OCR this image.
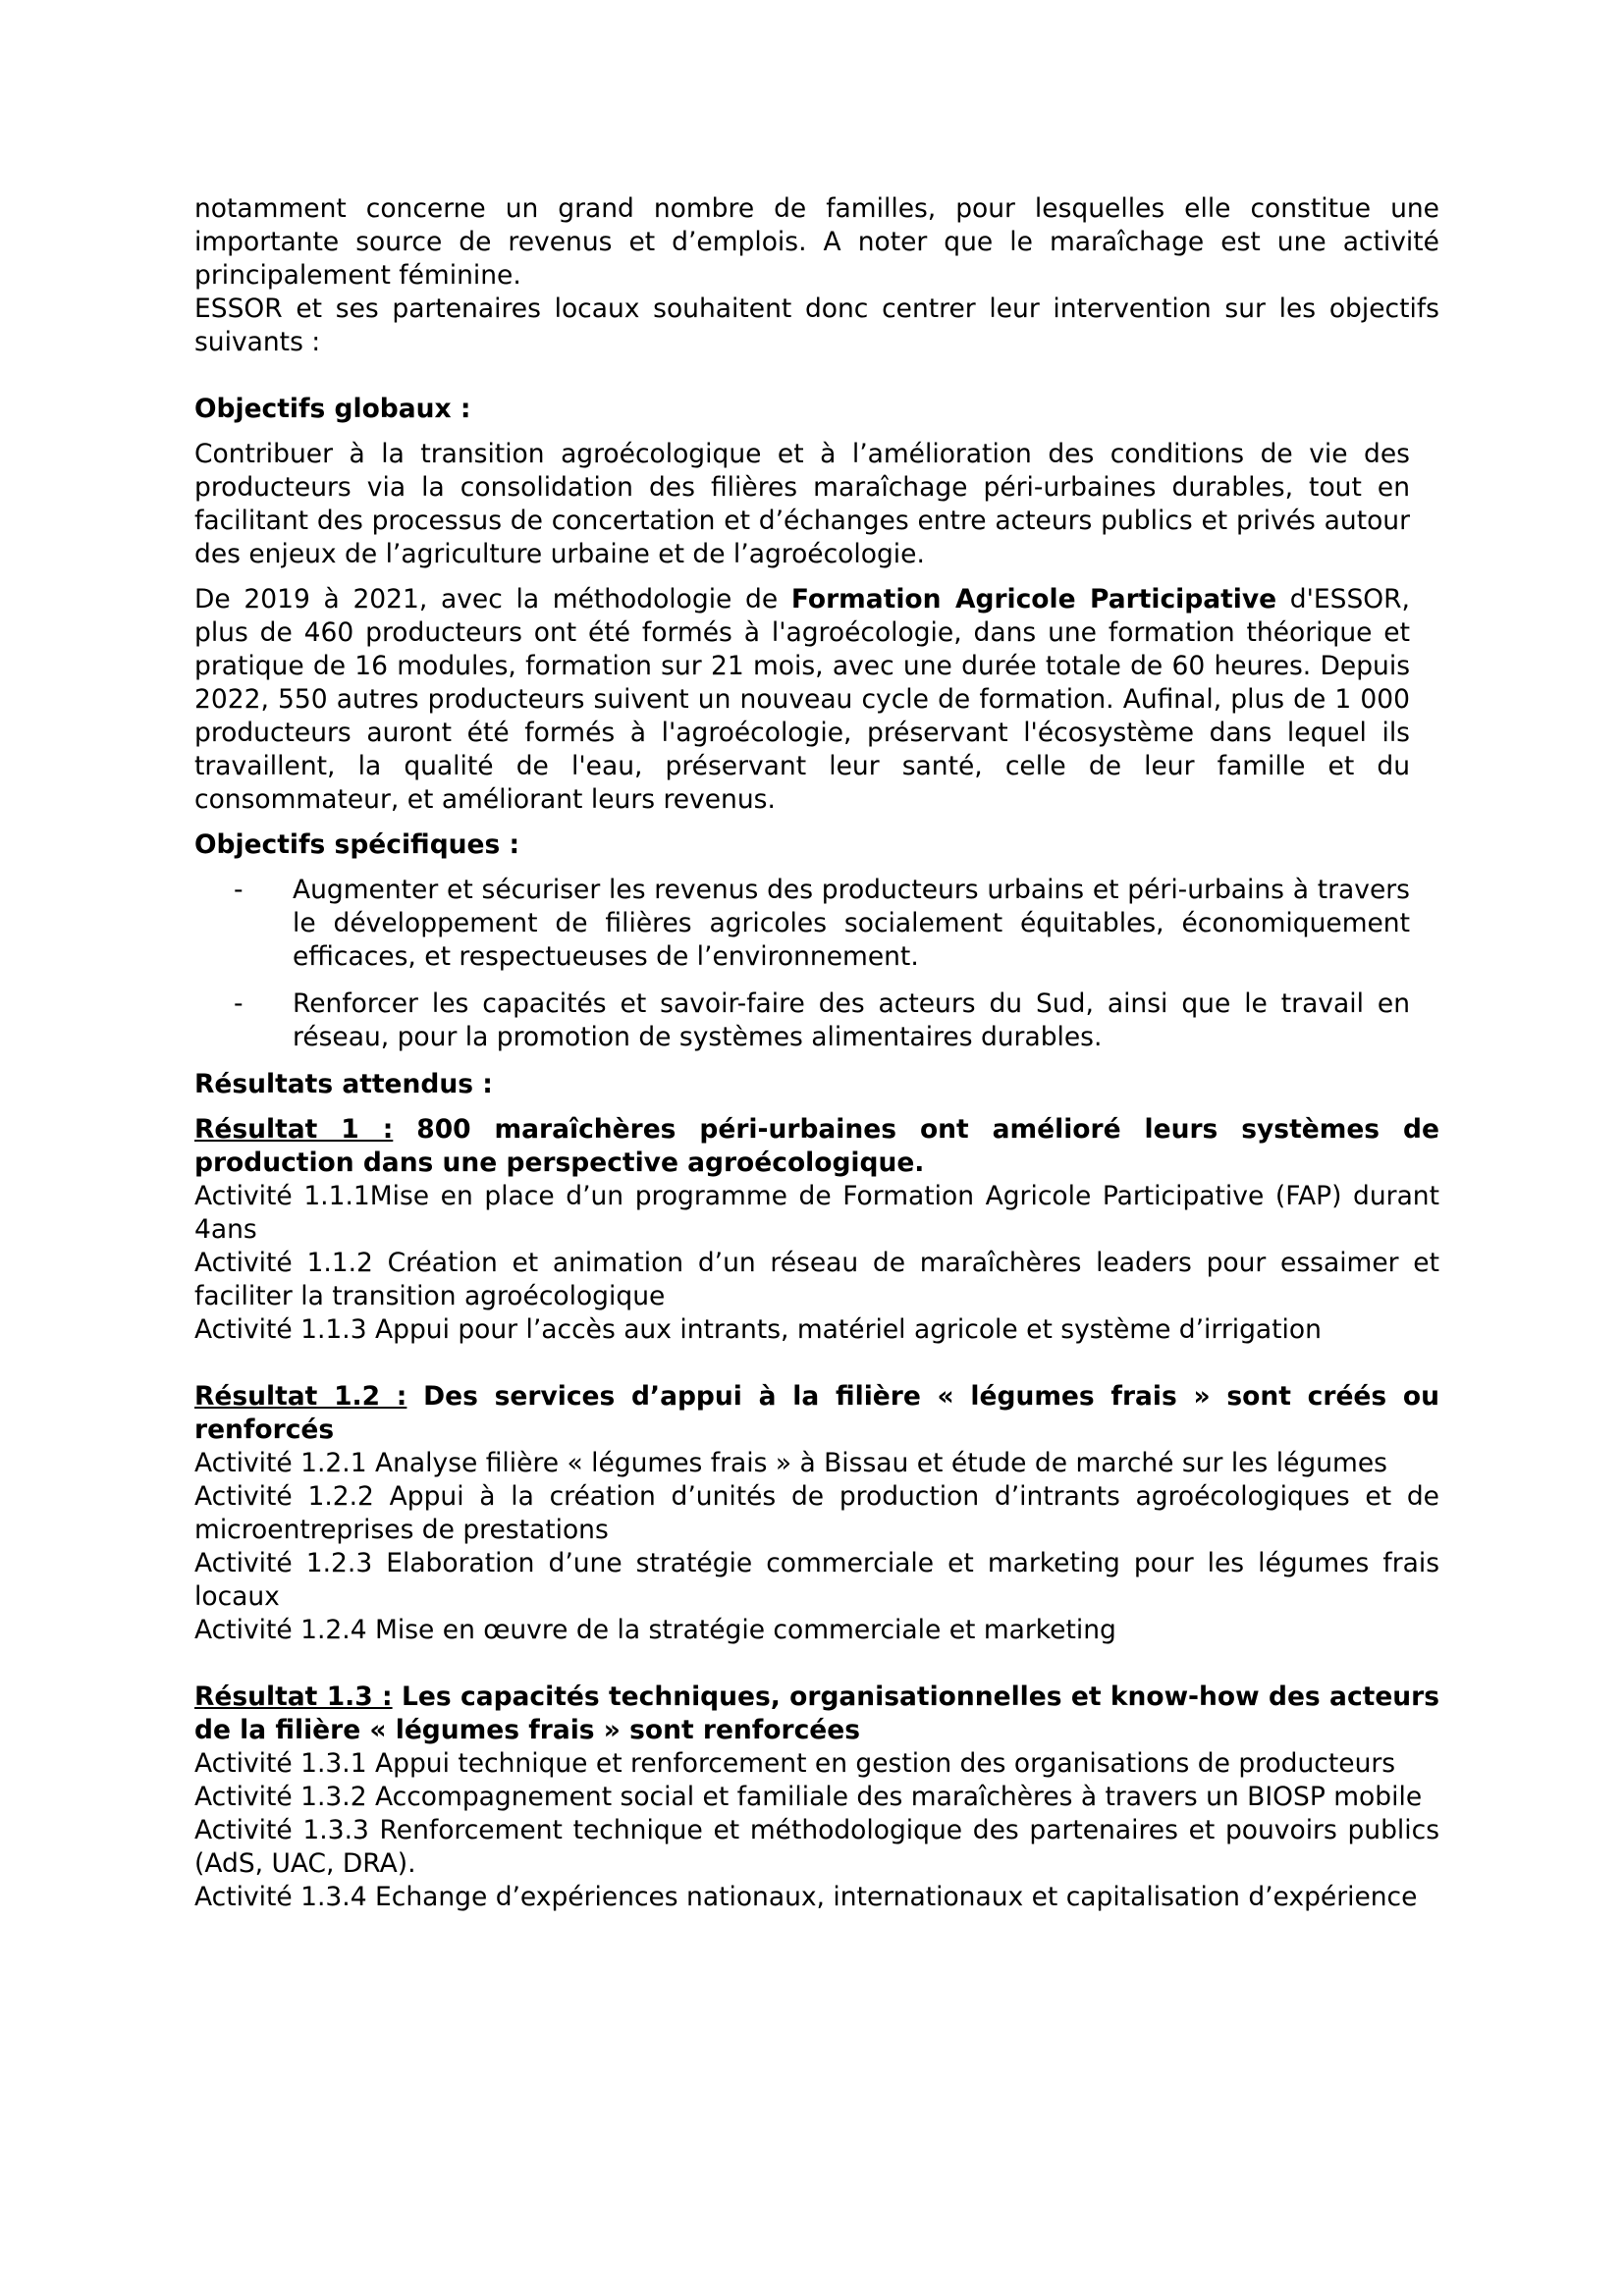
notamment concerne un grand nombre de familles, pour lesquelles elle constitue une importante source de revenus et d’emplois. A noter que le maraîchage est une activité principalement féminine.

ESSOR et ses partenaires locaux souhaitent donc centrer leur intervention sur les objectifs suivants :

Objectifs globaux :

Contribuer à la transition agroécologique et à l’amélioration des conditions de vie des producteurs via la consolidation des filières maraîchage péri-urbaines durables, tout en facilitant des processus de concertation et d’échanges entre acteurs publics et privés autour des enjeux de l’agriculture urbaine et de l’agroécologie.

De 2019 à 2021, avec la méthodologie de Formation Agricole Participative d'ESSOR, plus de 460 producteurs ont été formés à l'agroécologie, dans une formation théorique et pratique de 16 modules, formation sur 21 mois, avec une durée totale de 60 heures. Depuis 2022, 550 autres producteurs suivent un nouveau cycle de formation. Aufinal, plus de 1 000 producteurs auront été formés à l'agroécologie, préservant l'écosystème dans lequel ils travaillent, la qualité de l'eau, préservant leur santé, celle de leur famille et du consommateur, et améliorant leurs revenus.

Objectifs spécifiques :

- Augmenter et sécuriser les revenus des producteurs urbains et péri-urbains à travers le développement de filières agricoles socialement équitables, économiquement efficaces, et respectueuses de l’environnement.
- Renforcer les capacités et savoir-faire des acteurs du Sud, ainsi que le travail en réseau, pour la promotion de systèmes alimentaires durables.

Résultats attendus :

Résultat 1 : 800 maraîchères péri-urbaines ont amélioré leurs systèmes de production dans une perspective agroécologique.

Activité 1.1.1Mise en place d’un programme de Formation Agricole Participative (FAP) durant 4ans

Activité 1.1.2 Création et animation d’un réseau de maraîchères leaders pour essaimer et faciliter la transition agroécologique

Activité 1.1.3 Appui pour l’accès aux intrants, matériel agricole et système d’irrigation

Résultat 1.2 : Des services d’appui à la filière « légumes frais » sont créés ou renforcés

Activité 1.2.1 Analyse filière « légumes frais » à Bissau et étude de marché sur les légumes

Activité 1.2.2 Appui à la création d’unités de production d’intrants agroécologiques et de microentreprises de prestations

Activité 1.2.3 Elaboration d’une stratégie commerciale et marketing pour les légumes frais locaux

Activité 1.2.4 Mise en œuvre de la stratégie commerciale et marketing

Résultat 1.3 : Les capacités techniques, organisationnelles et know-how des acteurs de la filière « légumes frais » sont renforcées

Activité 1.3.1 Appui technique et renforcement en gestion des organisations de producteurs

Activité 1.3.2 Accompagnement social et familiale des maraîchères à travers un BIOSP mobile

Activité 1.3.3 Renforcement technique et méthodologique des partenaires et pouvoirs publics (AdS, UAC, DRA).

Activité 1.3.4 Echange d’expériences nationaux, internationaux et capitalisation d’expérience
